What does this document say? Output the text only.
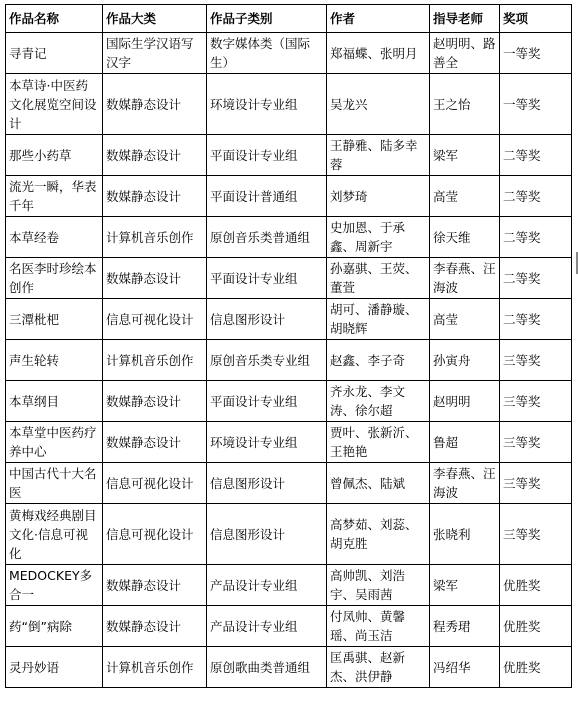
作品名称	作品大类	作品子类别	作者	指导老师	奖项
寻青记	国际生学汉语写汉字	数字媒体类（国际生）	郑福蝶、张明月	赵明明、路善全	一等奖
本草诗·中医药文化展览空间设计	数媒静态设计	环境设计专业组	吴龙兴	王之怡	一等奖
那些小药草	数媒静态设计	平面设计专业组	王静雅、陆多幸蓉	梁军	二等奖
流光一瞬，华表千年	数媒静态设计	平面设计普通组	刘梦琦	高莹	二等奖
本草经卷	计算机音乐创作	原创音乐类普通组	史加恩、于承鑫、周新宇	徐天维	二等奖
名医李时珍绘本创作	数媒静态设计	平面设计专业组	孙嘉骐、王荧、董萱	李春燕、汪海波	二等奖
三潭枇杷	信息可视化设计	信息图形设计	胡可、潘静璇、胡晓辉	高莹	二等奖
声生轮转	计算机音乐创作	原创音乐类专业组	赵鑫、李子奇	孙寅舟	三等奖
本草纲目	数媒静态设计	平面设计专业组	齐永龙、李文涛、徐尔超	赵明明	三等奖
本草堂中医药疗养中心	数媒静态设计	环境设计专业组	贾叶、张新沂、王艳艳	鲁超	三等奖
中国古代十大名医	信息可视化设计	信息图形设计	曾佩杰、陆斌	李春燕、汪海波	三等奖
黄梅戏经典剧目文化·信息可视化	信息可视化设计	信息图形设计	高梦茹、刘蕊、胡克胜	张晓利	三等奖
MEDOCKEY多合一	数媒静态设计	产品设计专业组	高帅凯、刘浩宇、吴雨茜	梁军	优胜奖
药“倒”病除	数媒静态设计	产品设计专业组	付凤帅、黄馨瑶、尚玉洁	程秀珺	优胜奖
灵丹妙语	计算机音乐创作	原创歌曲类普通组	匡禹骐、赵新杰、洪伊静	冯绍华	优胜奖
